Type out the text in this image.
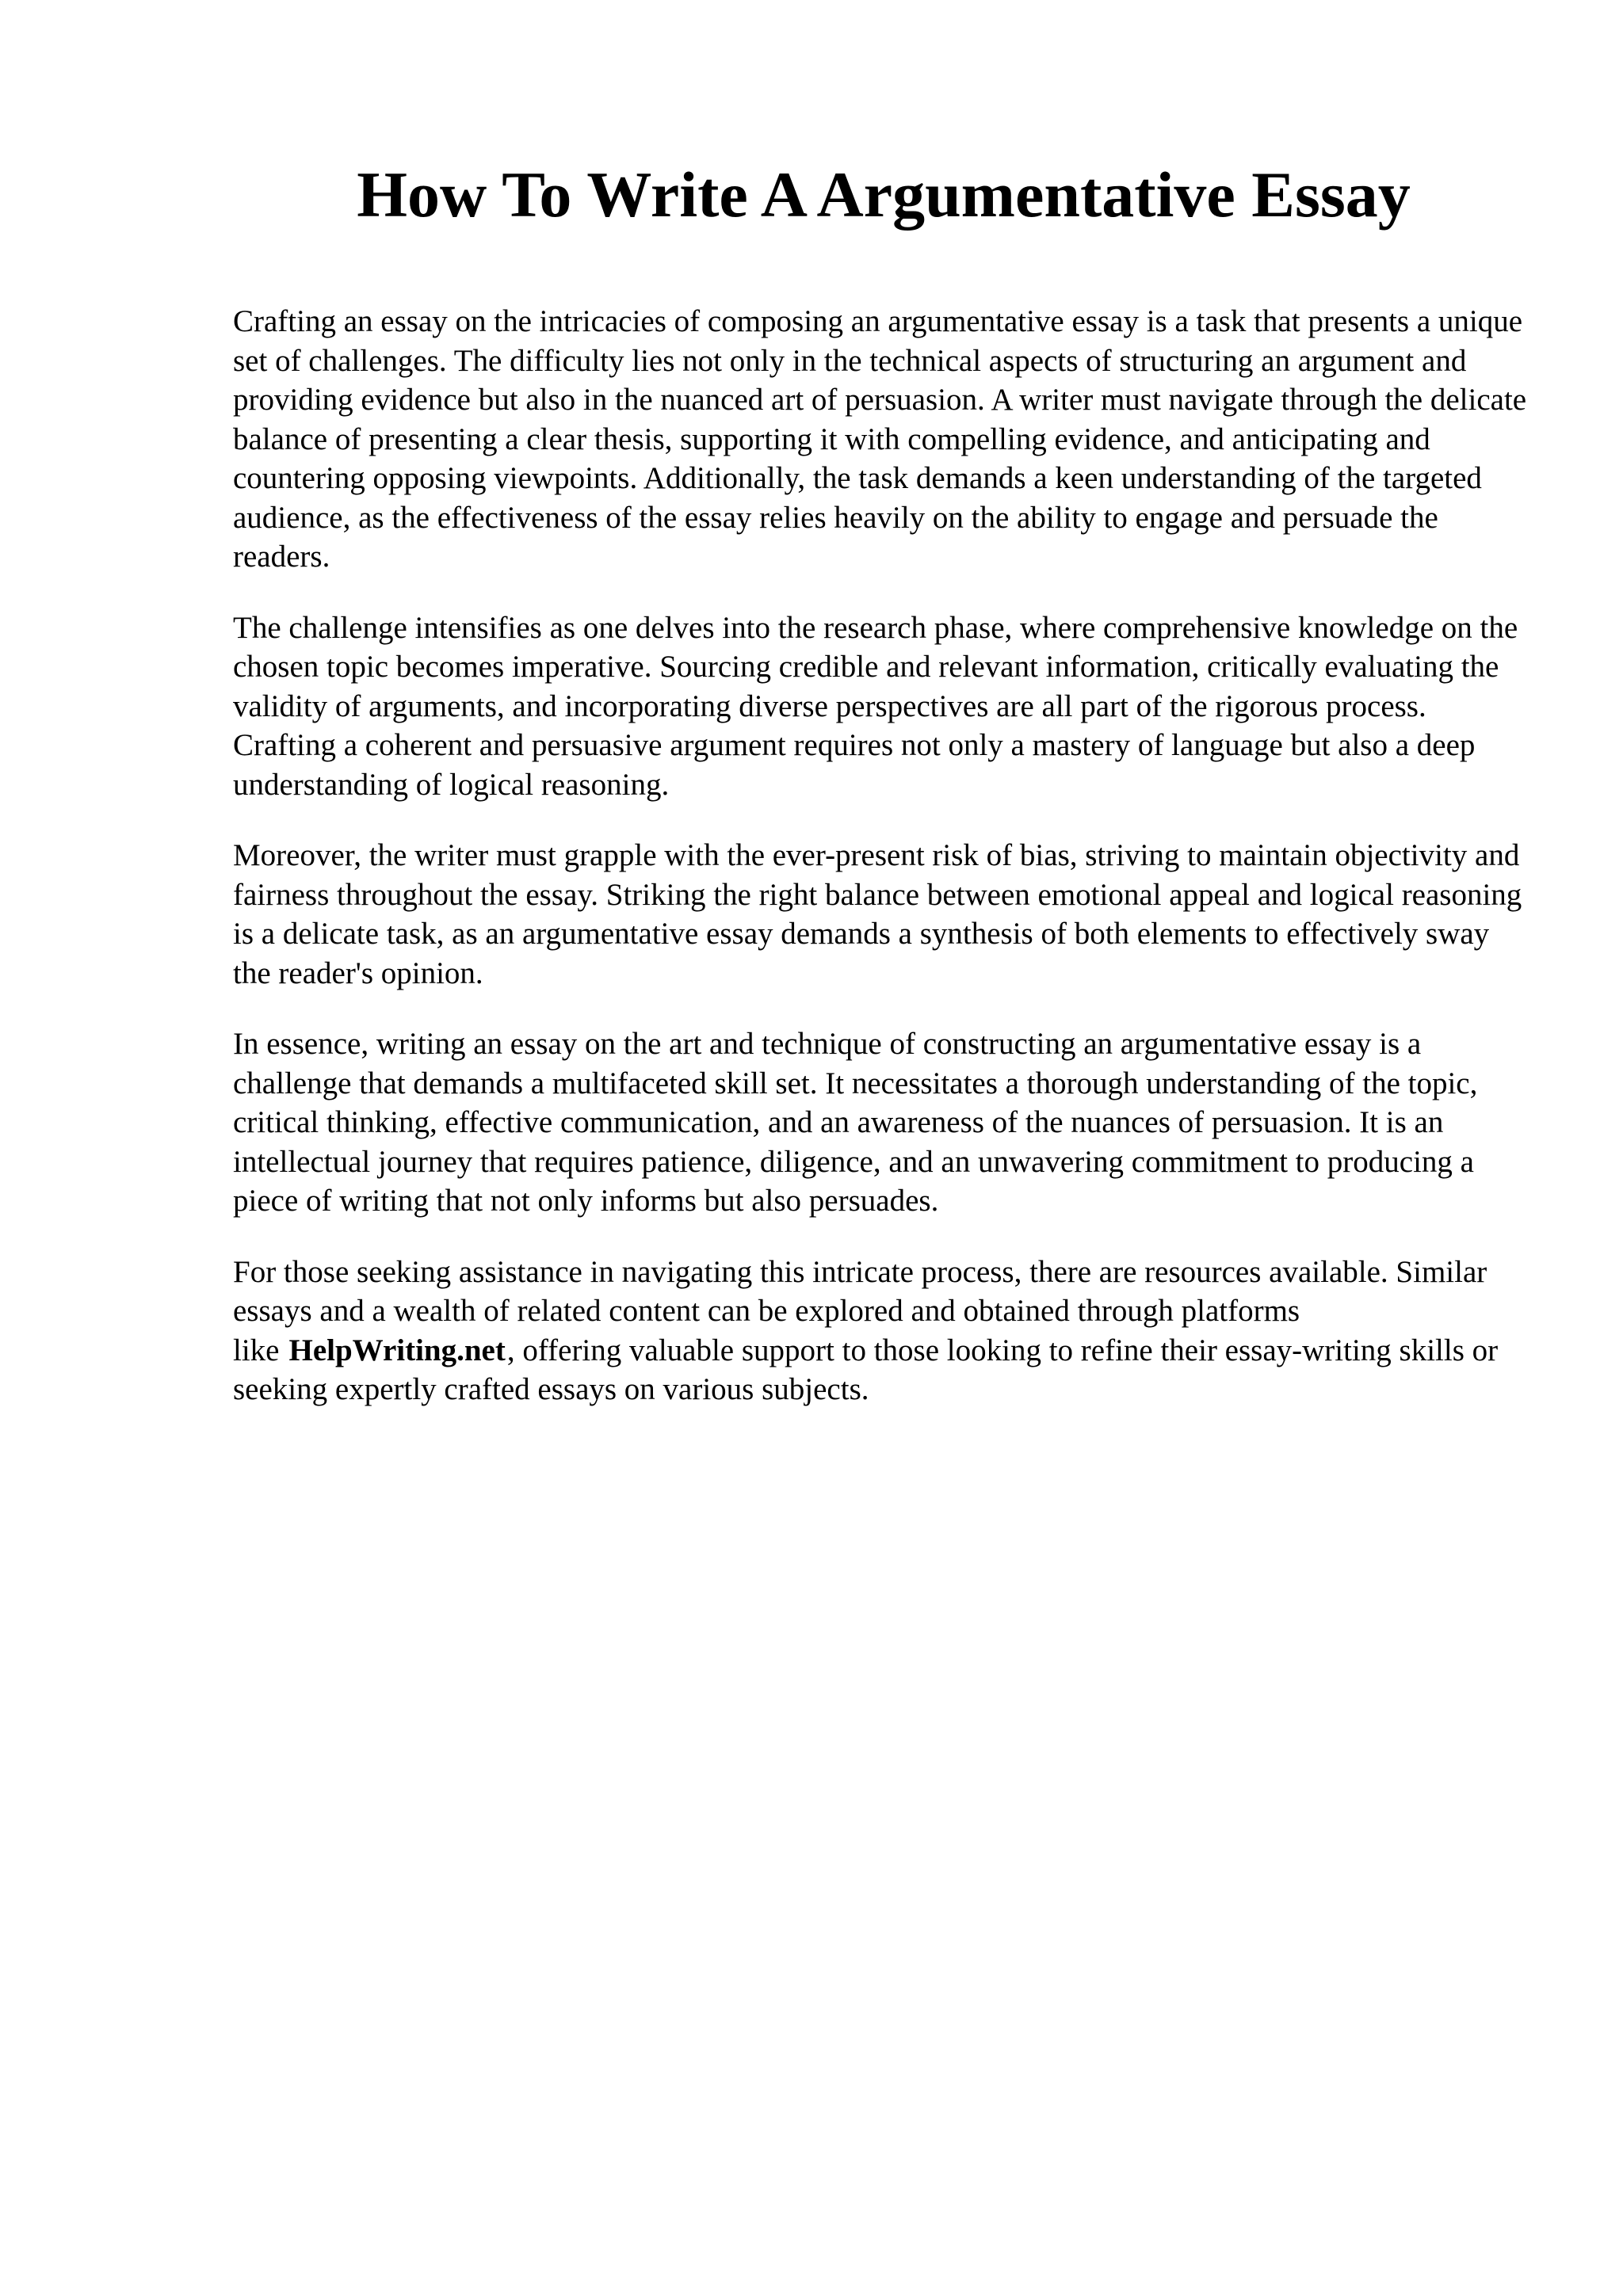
How To Write A Argumentative Essay

Crafting an essay on the intricacies of composing an argumentative essay is a task that presents a unique set of challenges. The difficulty lies not only in the technical aspects of structuring an argument and providing evidence but also in the nuanced art of persuasion. A writer must navigate through the delicate balance of presenting a clear thesis, supporting it with compelling evidence, and anticipating and countering opposing viewpoints. Additionally, the task demands a keen understanding of the targeted audience, as the effectiveness of the essay relies heavily on the ability to engage and persuade the readers.

The challenge intensifies as one delves into the research phase, where comprehensive knowledge on the chosen topic becomes imperative. Sourcing credible and relevant information, critically evaluating the validity of arguments, and incorporating diverse perspectives are all part of the rigorous process. Crafting a coherent and persuasive argument requires not only a mastery of language but also a deep understanding of logical reasoning.

Moreover, the writer must grapple with the ever-present risk of bias, striving to maintain objectivity and fairness throughout the essay. Striking the right balance between emotional appeal and logical reasoning is a delicate task, as an argumentative essay demands a synthesis of both elements to effectively sway the reader's opinion.

In essence, writing an essay on the art and technique of constructing an argumentative essay is a challenge that demands a multifaceted skill set. It necessitates a thorough understanding of the topic, critical thinking, effective communication, and an awareness of the nuances of persuasion. It is an intellectual journey that requires patience, diligence, and an unwavering commitment to producing a piece of writing that not only informs but also persuades.

For those seeking assistance in navigating this intricate process, there are resources available. Similar essays and a wealth of related content can be explored and obtained through platforms like HelpWriting.net, offering valuable support to those looking to refine their essay-writing skills or seeking expertly crafted essays on various subjects.
